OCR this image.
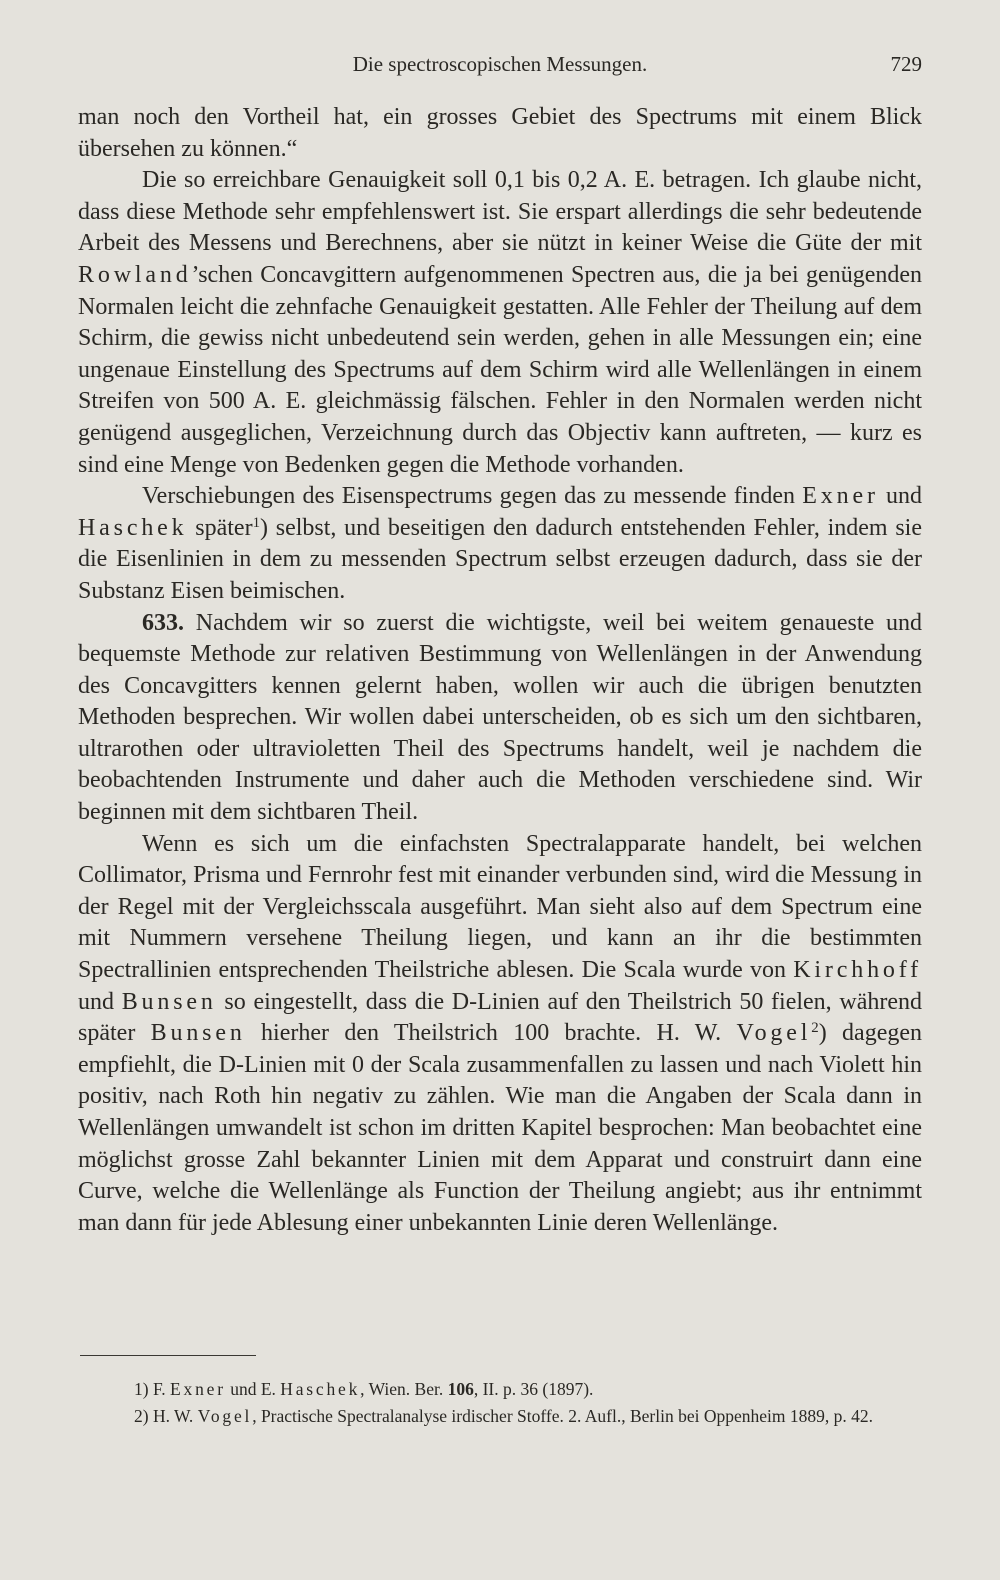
Die spectroscopischen Messungen.	729

man noch den Vortheil hat, ein grosses Gebiet des Spectrums mit einem Blick übersehen zu können.“

Die so erreichbare Genauigkeit soll 0,1 bis 0,2 A. E. betragen. Ich glaube nicht, dass diese Methode sehr empfehlenswert ist. Sie erspart allerdings die sehr bedeutende Arbeit des Messens und Berechnens, aber sie nützt in keiner Weise die Güte der mit Rowland’schen Concavgittern aufgenommenen Spectren aus, die ja bei genügenden Normalen leicht die zehnfache Genauigkeit gestatten. Alle Fehler der Theilung auf dem Schirm, die gewiss nicht unbedeutend sein werden, gehen in alle Messungen ein; eine ungenaue Einstellung des Spectrums auf dem Schirm wird alle Wellenlängen in einem Streifen von 500 A. E. gleichmässig fälschen. Fehler in den Normalen werden nicht genügend ausgeglichen, Verzeichnung durch das Objectiv kann auftreten, — kurz es sind eine Menge von Bedenken gegen die Methode vorhanden.

Verschiebungen des Eisenspectrums gegen das zu messende finden Exner und Haschek später$^1$) selbst, und beseitigen den dadurch entstehenden Fehler, indem sie die Eisenlinien in dem zu messenden Spectrum selbst erzeugen dadurch, dass sie der Substanz Eisen beimischen.

633. Nachdem wir so zuerst die wichtigste, weil bei weitem genaueste und bequemste Methode zur relativen Bestimmung von Wellenlängen in der Anwendung des Concavgitters kennen gelernt haben, wollen wir auch die übrigen benutzten Methoden besprechen. Wir wollen dabei unterscheiden, ob es sich um den sichtbaren, ultrarothen oder ultravioletten Theil des Spectrums handelt, weil je nachdem die beobachtenden Instrumente und daher auch die Methoden verschiedene sind. Wir beginnen mit dem sichtbaren Theil.

Wenn es sich um die einfachsten Spectralapparate handelt, bei welchen Collimator, Prisma und Fernrohr fest mit einander verbunden sind, wird die Messung in der Regel mit der Vergleichsscala ausgeführt. Man sieht also auf dem Spectrum eine mit Nummern versehene Theilung liegen, und kann an ihr die bestimmten Spectrallinien entsprechenden Theilstriche ablesen. Die Scala wurde von Kirchhoff und Bunsen so eingestellt, dass die D-Linien auf den Theilstrich 50 fielen, während später Bunsen hierher den Theilstrich 100 brachte. H. W. Vogel$^2$) dagegen empfiehlt, die D-Linien mit 0 der Scala zusammenfallen zu lassen und nach Violett hin positiv, nach Roth hin negativ zu zählen. Wie man die Angaben der Scala dann in Wellenlängen umwandelt ist schon im dritten Kapitel besprochen: Man beobachtet eine möglichst grosse Zahl bekannter Linien mit dem Apparat und construirt dann eine Curve, welche die Wellenlänge als Function der Theilung angiebt; aus ihr entnimmt man dann für jede Ablesung einer unbekannten Linie deren Wellenlänge.

1) F. Exner und E. Haschek, Wien. Ber. 106, II. p. 36 (1897).

2) H. W. Vogel, Practische Spectralanalyse irdischer Stoffe. 2. Aufl., Berlin bei Oppenheim 1889, p. 42.
